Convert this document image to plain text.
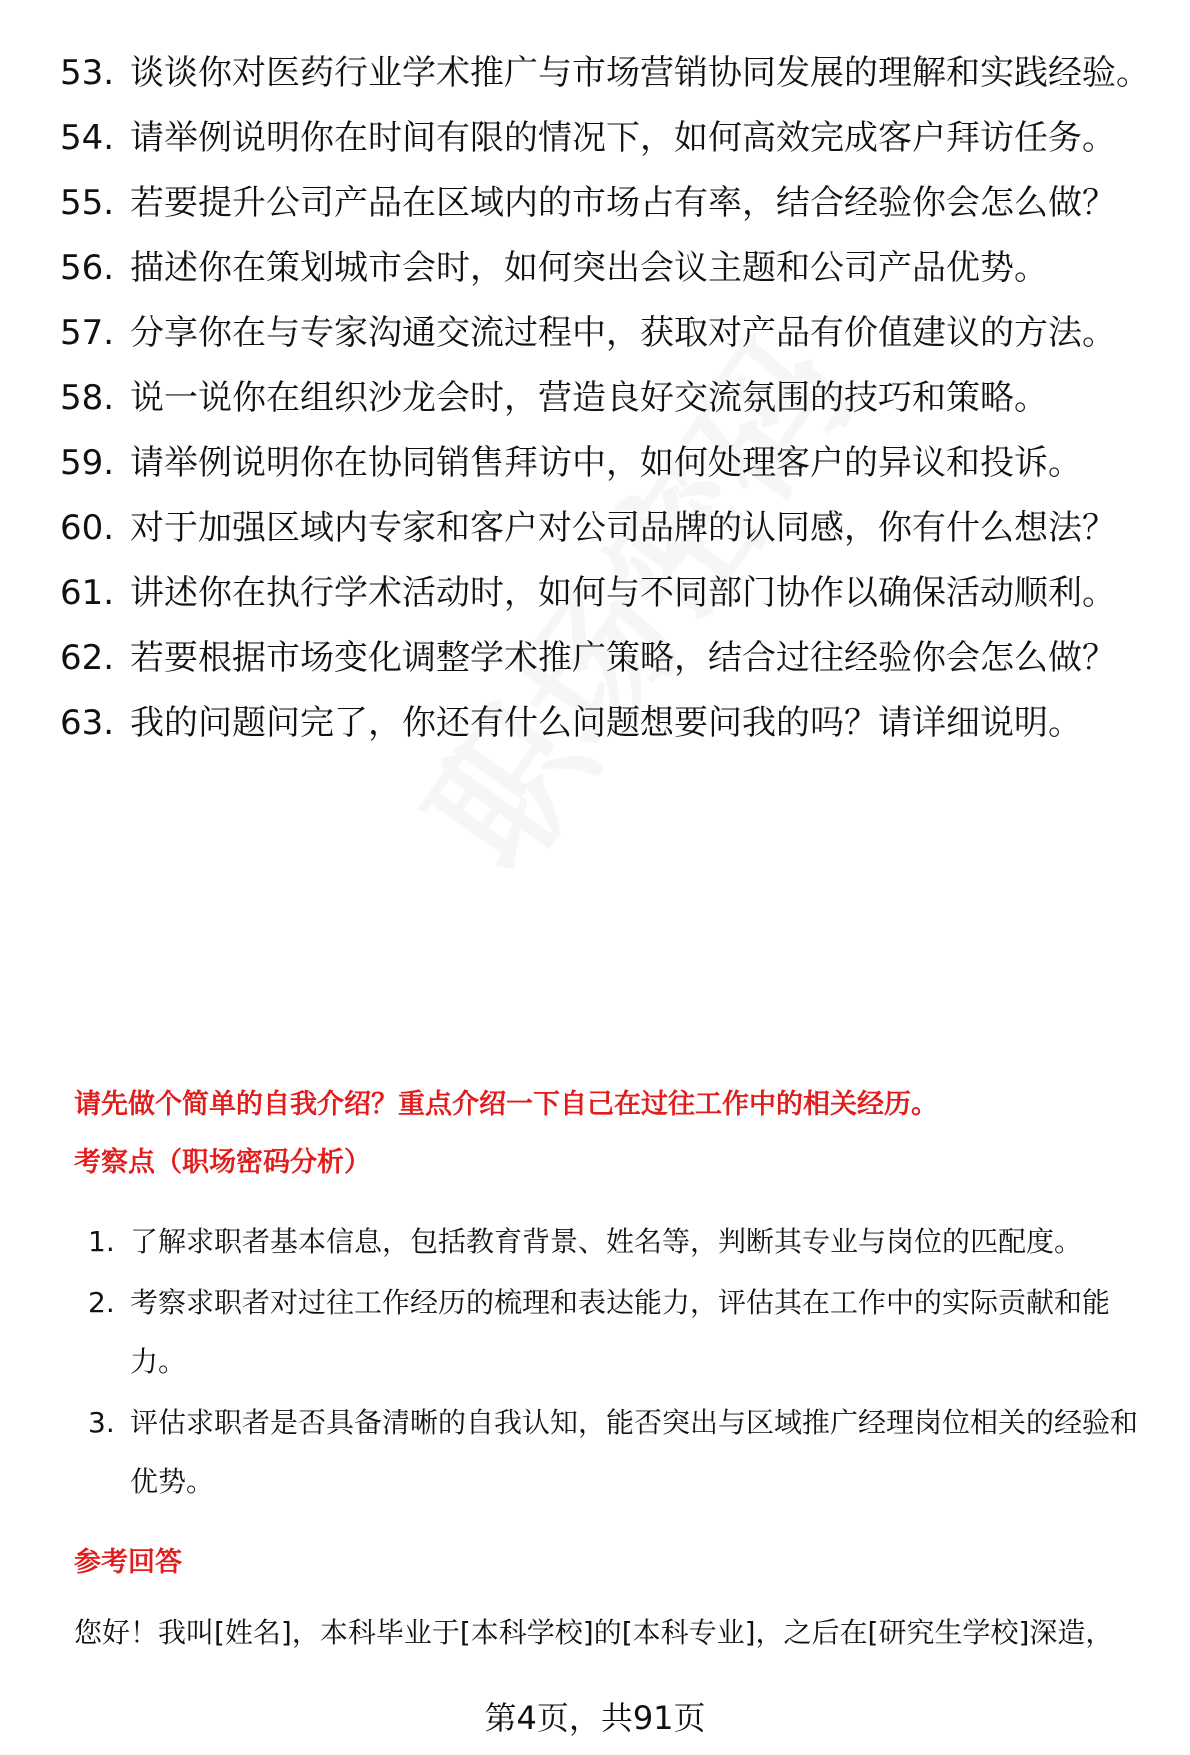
53. 谈谈你对医药行业学术推广与市场营销协同发展的理解和实践经验。
54. 请举例说明你在时间有限的情况下，如何高效完成客户拜访任务。
55. 若要提升公司产品在区域内的市场占有率，结合经验你会怎么做？
56. 描述你在策划城市会时，如何突出会议主题和公司产品优势。
57. 分享你在与专家沟通交流过程中，获取对产品有价值建议的方法。
58. 说一说你在组织沙龙会时，营造良好交流氛围的技巧和策略。
59. 请举例说明你在协同销售拜访中，如何处理客户的异议和投诉。
60. 对于加强区域内专家和客户对公司品牌的认同感，你有什么想法？
61. 讲述你在执行学术活动时，如何与不同部门协作以确保活动顺利。
62. 若要根据市场变化调整学术推广策略，结合过往经验你会怎么做？
63. 我的问题问完了，你还有什么问题想要问我的吗？请详细说明。
请先做个简单的自我介绍？重点介绍一下自己在过往工作中的相关经历。
考察点（职场密码分析）
1. 了解求职者基本信息，包括教育背景、姓名等，判断其专业与岗位的匹配度。
2. 考察求职者对过往工作经历的梳理和表达能力，评估其在工作中的实际贡献和能力。
3. 评估求职者是否具备清晰的自我认知，能否突出与区域推广经理岗位相关的经验和优势。
参考回答
您好！我叫[姓名]，本科毕业于[本科学校]的[本科专业]，之后在[研究生学校]深造，
第4页，共91页
